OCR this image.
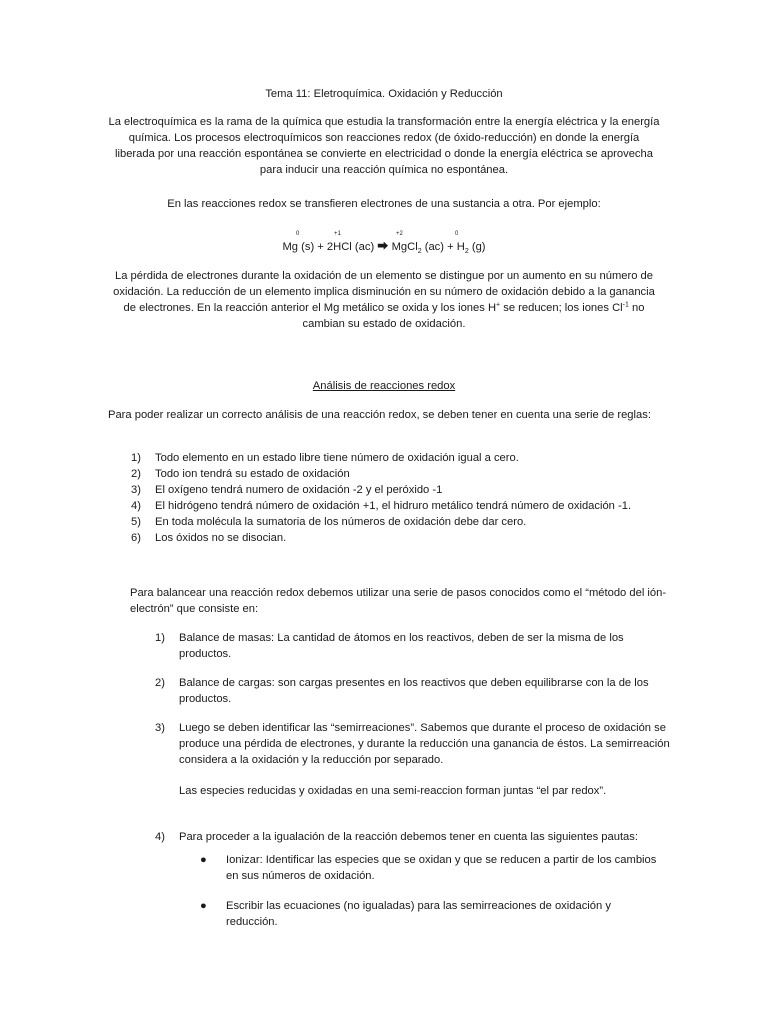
Tema 11: Eletroquímica. Oxidación y Reducción
La electroquímica es la rama de la química que estudia la transformación entre la energía eléctrica y la energía química. Los procesos electroquímicos son reacciones redox (de óxido-reducción) en donde la energía liberada por una reacción espontánea se convierte en electricidad o donde la energía eléctrica se aprovecha para inducir una reacción química no espontánea.
En las reacciones redox se transfieren electrones de una sustancia a otra. Por ejemplo:
0	+1	+2	0
Mg (s) + 2HCl (ac) ⮕ MgCl$_2$ $(ac) + H_2$ (g)
La pérdida de electrones durante la oxidación de un elemento se distingue por un aumento en su número de oxidación. La reducción de un elemento implica disminución en su número de oxidación debido a la ganancia de electrones. En la reacción anterior el Mg metálico se oxida y los iones H+ se reducen; los iones $Cl^{-1}$ no cambian su estado de oxidación.
Análisis de reacciones redox
Para poder realizar un correcto análisis de una reacción redox, se deben tener en cuenta una serie de reglas:
1) Todo elemento en un estado libre tiene número de oxidación igual a cero.
2) Todo ion tendrá su estado de oxidación
3) El oxígeno tendrá numero de oxidación -2 y el peróxido -1
4) El hidrógeno tendrá número de oxidación +1, el hidruro metálico tendrá número de oxidación -1.
5) En toda molécula la sumatoria de los números de oxidación debe dar cero.
6) Los óxidos no se disocian.
Para balancear una reacción redox debemos utilizar una serie de pasos conocidos como el “método del ión-electrón” que consiste en:
1) Balance de masas: La cantidad de átomos en los reactivos, deben de ser la misma de los productos.
2) Balance de cargas: son cargas presentes en los reactivos que deben equilibrarse con la de los productos.
3) Luego se deben identificar las “semirreaciones”. Sabemos que durante el proceso de oxidación se produce una pérdida de electrones, y durante la reducción una ganancia de éstos. La semirreación considera a la oxidación y la reducción por separado.
Las especies reducidas y oxidadas en una semi-reaccion forman juntas “el par redox”.
4) Para proceder a la igualación de la reacción debemos tener en cuenta las siguientes pautas:
● Ionizar: Identificar las especies que se oxidan y que se reducen a partir de los cambios en sus números de oxidación.
● Escribir las ecuaciones (no igualadas) para las semirreaciones de oxidación y reducción.
